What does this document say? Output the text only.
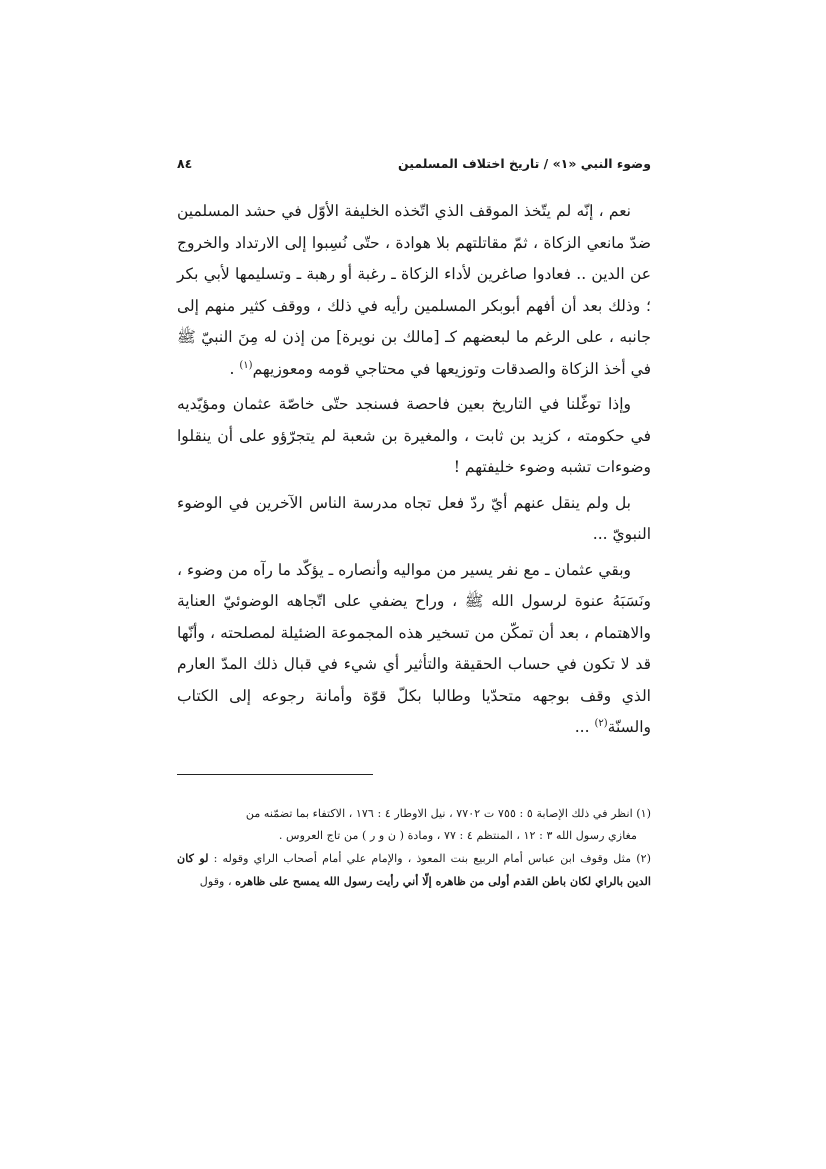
وضوء النبي «١» / تاريخ اختلاف المسلمين
٨٤

نعم ، إنّه لم يتّخذ الموقف الذي اتّخذه الخليفة الأوّل في حشد المسلمين ضدّ مانعي الزكاة ، ثمّ مقاتلتهم بلا هوادة ، حتّى نُسِبوا إلى الارتداد والخروج عن الدين .. فعادوا صاغرين لأداء الزكاة ـ رغبة أو رهبة ـ وتسليمها لأبي بكر ؛ وذلك بعد أن أفهم أبوبكر المسلمين رأيه في ذلك ، ووقف كثير منهم إلى جانبه ، على الرغم ما لبعضهم كـ [مالك بن نويرة] من إذن له مِنَ النبيّ ﷺ في أخذ الزكاة والصدقات وتوزيعها في محتاجي قومه ومعوزيهم$^{(١)}$ .

وإذا توغّلنا في التاريخ بعين فاحصة فسنجد حتّى خاصّة عثمان ومؤيّديه في حكومته ، كزيد بن ثابت ، والمغيرة بن شعبة لم يتجرّؤو على أن ينقلوا وضوءات تشبه وضوء خليفتهم !

بل ولم ينقل عنهم أيّ ردّ فعل تجاه مدرسة الناس الآخرين في الوضوء النبويّ ...

وبقي عثمان ـ مع نفر يسير من مواليه وأنصاره ـ يؤكّد ما رآه من وضوء ، ونَسَبَهُ عنوة لرسول الله ﷺ ، وراح يضفي على اتّجاهه الوضوئيّ العناية والاهتمام ، بعد أن تمكّن من تسخير هذه المجموعة الضئيلة لمصلحته ، وأنّها قد لا تكون في حساب الحقيقة والتأثير أي شيء في قبال ذلك المدّ العارم الذي وقف بوجهه متحدّيا وطالبا بكلّ قوّة وأمانة رجوعه إلى الكتاب والسنّة$^{(٢)}$ ...

(١) انظر في ذلك الإصابة ٥ : ٧٥٥ ت ٧٧٠٢ ، نيل الاوطار ٤ : ١٧٦ ، الاكتفاء بما تضمّنه من

مغازي رسول الله ٣ : ١٢ ، المنتظم ٤ : ٧٧ ، ومادة ( ن و ر ) من تاج العروس .

(٢) مثل وقوف ابن عباس أمام الربيع بنت المعوذ ، والإمام علي أمام أصحاب الراي وقوله : لو كان الدين بالراي لكان باطن القدم أولى من ظاهره إلّا أني رأيت رسول الله يمسح على ظاهره ، وقول
